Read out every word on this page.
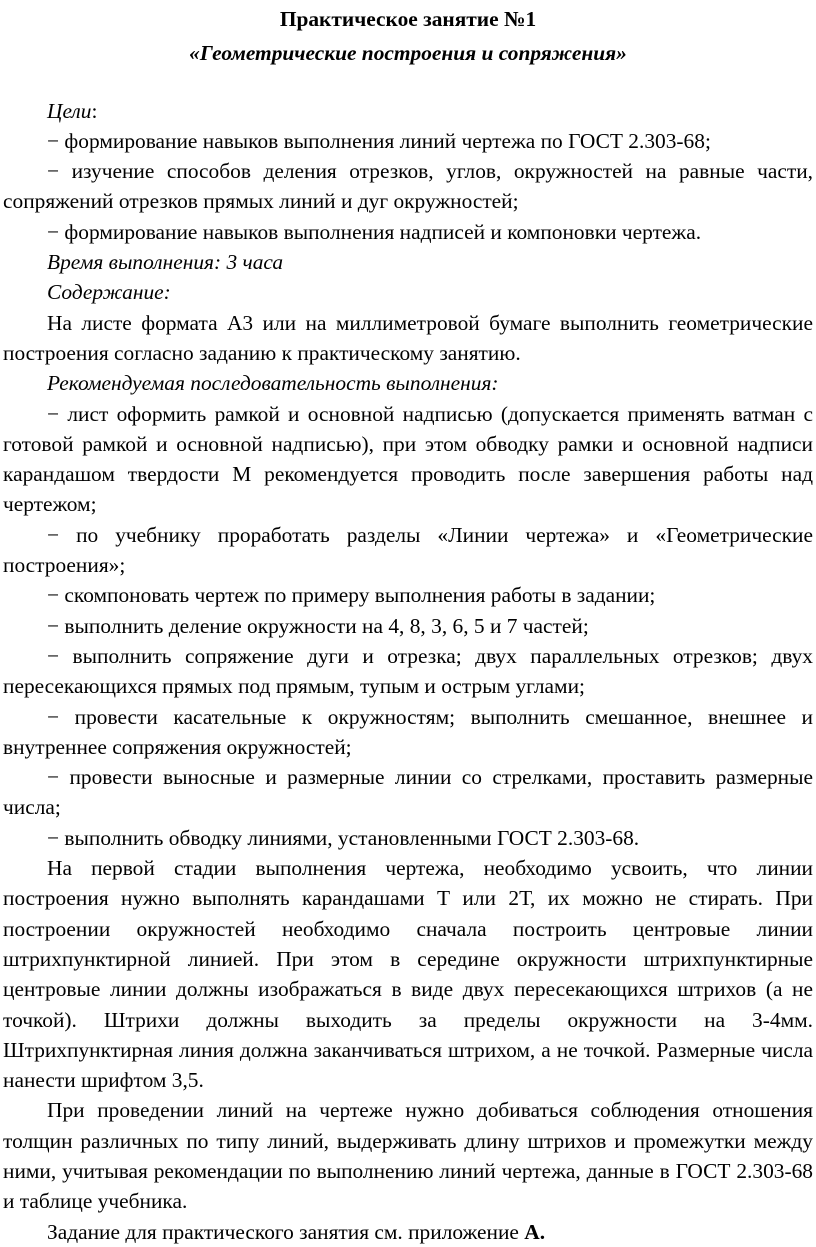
Практическое занятие №1

«Геометрические построения и сопряжения»

Цели:

− формирование навыков выполнения линий чертежа по ГОСТ 2.303-68;

− изучение способов деления отрезков, углов, окружностей на равные части, сопряжений отрезков прямых линий и дуг окружностей;

− формирование навыков выполнения надписей и компоновки чертежа.

Время выполнения: 3 часа

Содержание:

На листе формата А3 или на миллиметровой бумаге выполнить геометрические построения согласно заданию к практическому занятию.

Рекомендуемая последовательность выполнения:

− лист оформить рамкой и основной надписью (допускается применять ватман с готовой рамкой и основной надписью), при этом обводку рамки и основной надписи карандашом твердости М рекомендуется проводить после завершения работы над чертежом;

− по учебнику проработать разделы «Линии чертежа» и «Геометрические построения»;

− скомпоновать чертеж по примеру выполнения работы в задании;

− выполнить деление окружности на 4, 8, 3, 6, 5 и 7 частей;

− выполнить сопряжение дуги и отрезка; двух параллельных отрезков; двух пересекающихся прямых под прямым, тупым и острым углами;

− провести касательные к окружностям; выполнить смешанное, внешнее и внутреннее сопряжения окружностей;

− провести выносные и размерные линии со стрелками, проставить размерные числа;

− выполнить обводку линиями, установленными ГОСТ 2.303-68.

На первой стадии выполнения чертежа, необходимо усвоить, что линии построения нужно выполнять карандашами Т или 2Т, их можно не стирать. При построении окружностей необходимо сначала построить центровые линии штрихпунктирной линией. При этом в середине окружности штрихпунктирные центровые линии должны изображаться в виде двух пересекающихся штрихов (а не точкой). Штрихи должны выходить за пределы окружности на 3-4мм. Штрихпунктирная линия должна заканчиваться штрихом, а не точкой. Размерные числа нанести шрифтом 3,5.

При проведении линий на чертеже нужно добиваться соблюдения отношения толщин различных по типу линий, выдерживать длину штрихов и промежутки между ними, учитывая рекомендации по выполнению линий чертежа, данные в ГОСТ 2.303-68 и таблице учебника.

Задание для практического занятия см. приложение А.
